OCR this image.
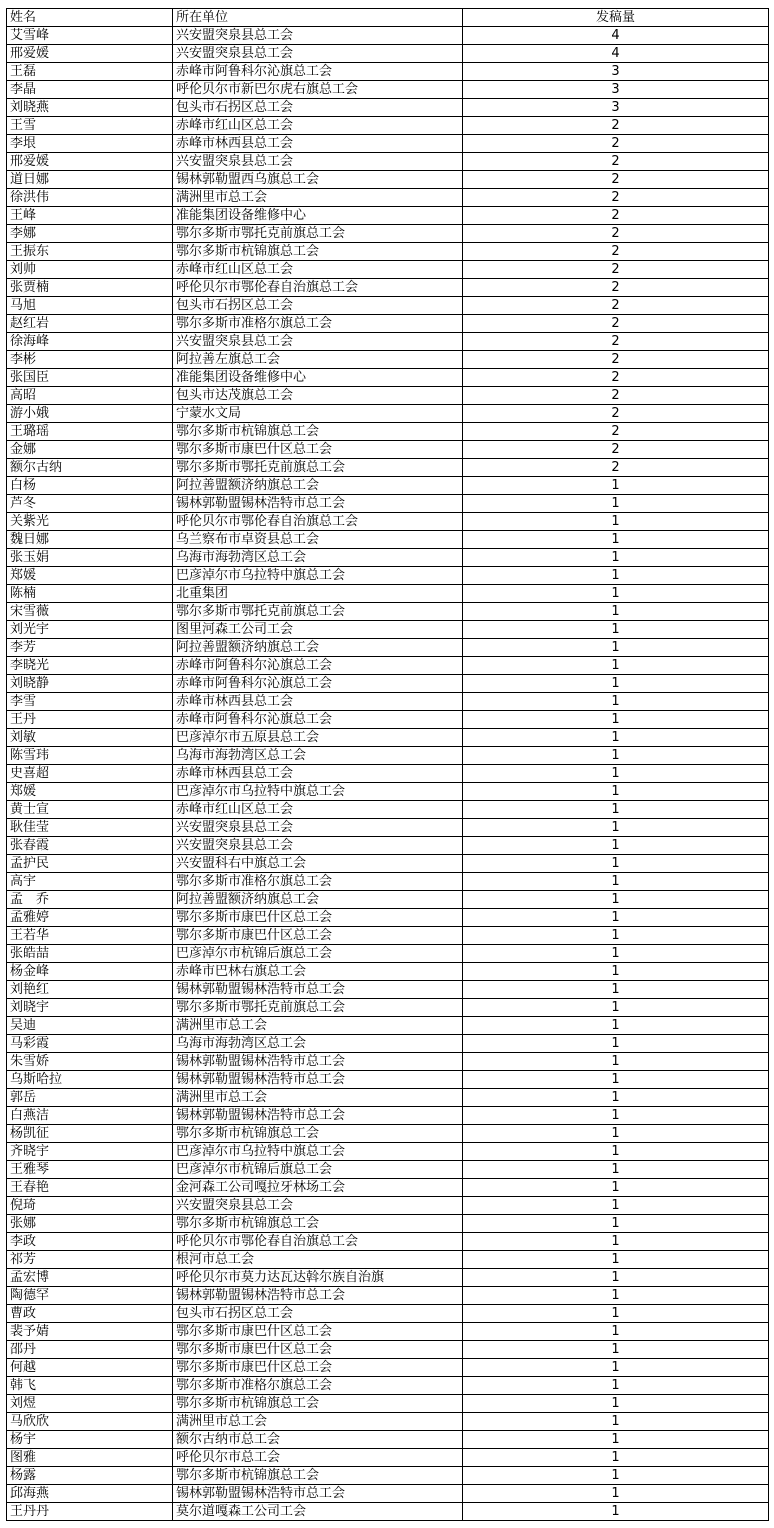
姓名	所在单位	发稿量
艾雪峰	兴安盟突泉县总工会	4
邢爱媛	兴安盟突泉县总工会	4
王磊	赤峰市阿鲁科尔沁旗总工会	3
李晶	呼伦贝尔市新巴尔虎右旗总工会	3
刘晓燕	包头市石拐区总工会	3
王雪	赤峰市红山区总工会	2
李垠	赤峰市林西县总工会	2
邢爱媛	兴安盟突泉县总工会	2
道日娜	锡林郭勒盟西乌旗总工会	2
徐洪伟	满洲里市总工会	2
王峰	准能集团设备维修中心	2
李娜	鄂尔多斯市鄂托克前旗总工会	2
王振东	鄂尔多斯市杭锦旗总工会	2
刘帅	赤峰市红山区总工会	2
张贾楠	呼伦贝尔市鄂伦春自治旗总工会	2
马旭	包头市石拐区总工会	2
赵红岩	鄂尔多斯市准格尔旗总工会	2
徐海峰	兴安盟突泉县总工会	2
李彬	阿拉善左旗总工会	2
张国臣	准能集团设备维修中心	2
高昭	包头市达茂旗总工会	2
游小娥	宁蒙水文局	2
王璐瑶	鄂尔多斯市杭锦旗总工会	2
金娜	鄂尔多斯市康巴什区总工会	2
额尔古纳	鄂尔多斯市鄂托克前旗总工会	2
白杨	阿拉善盟额济纳旗总工会	1
芦冬	锡林郭勒盟锡林浩特市总工会	1
关紫光	呼伦贝尔市鄂伦春自治旗总工会	1
魏日娜	乌兰察布市卓资县总工会	1
张玉娟	乌海市海勃湾区总工会	1
郑媛	巴彦淖尔市乌拉特中旗总工会	1
陈楠	北重集团	1
宋雪薇	鄂尔多斯市鄂托克前旗总工会	1
刘光宇	图里河森工公司工会	1
李芳	阿拉善盟额济纳旗总工会	1
李晓光	赤峰市阿鲁科尔沁旗总工会	1
刘晓静	赤峰市阿鲁科尔沁旗总工会	1
李雪	赤峰市林西县总工会	1
王丹	赤峰市阿鲁科尔沁旗总工会	1
刘敏	巴彦淖尔市五原县总工会	1
陈雪玮	乌海市海勃湾区总工会	1
史喜超	赤峰市林西县总工会	1
郑媛	巴彦淖尔市乌拉特中旗总工会	1
黄士宣	赤峰市红山区总工会	1
耿佳莹	兴安盟突泉县总工会	1
张春霞	兴安盟突泉县总工会	1
孟护民	兴安盟科右中旗总工会	1
高宇	鄂尔多斯市准格尔旗总工会	1
孟　乔	阿拉善盟额济纳旗总工会	1
孟雅婷	鄂尔多斯市康巴什区总工会	1
王若华	鄂尔多斯市康巴什区总工会	1
张皓喆	巴彦淖尔市杭锦后旗总工会	1
杨金峰	赤峰市巴林右旗总工会	1
刘艳红	锡林郭勒盟锡林浩特市总工会	1
刘晓宇	鄂尔多斯市鄂托克前旗总工会	1
吴迪	满洲里市总工会	1
马彩霞	乌海市海勃湾区总工会	1
朱雪娇	锡林郭勒盟锡林浩特市总工会	1
乌斯哈拉	锡林郭勒盟锡林浩特市总工会	1
郭岳	满洲里市总工会	1
白燕洁	锡林郭勒盟锡林浩特市总工会	1
杨凯征	鄂尔多斯市杭锦旗总工会	1
齐晓宇	巴彦淖尔市乌拉特中旗总工会	1
王雅琴	巴彦淖尔市杭锦后旗总工会	1
王春艳	金河森工公司嘎拉牙林场工会	1
倪琦	兴安盟突泉县总工会	1
张娜	鄂尔多斯市杭锦旗总工会	1
李政	呼伦贝尔市鄂伦春自治旗总工会	1
祁芳	根河市总工会	1
孟宏博	呼伦贝尔市莫力达瓦达斡尔族自治旗	1
陶德罕	锡林郭勒盟锡林浩特市总工会	1
曹政	包头市石拐区总工会	1
裴予婧	鄂尔多斯市康巴什区总工会	1
邵丹	鄂尔多斯市康巴什区总工会	1
何越	鄂尔多斯市康巴什区总工会	1
韩飞	鄂尔多斯市准格尔旗总工会	1
刘煜	鄂尔多斯市杭锦旗总工会	1
马欣欣	满洲里市总工会	1
杨宇	额尔古纳市总工会	1
图雅	呼伦贝尔市总工会	1
杨露	鄂尔多斯市杭锦旗总工会	1
邱海燕	锡林郭勒盟锡林浩特市总工会	1
王丹丹	莫尔道嘎森工公司工会	1
